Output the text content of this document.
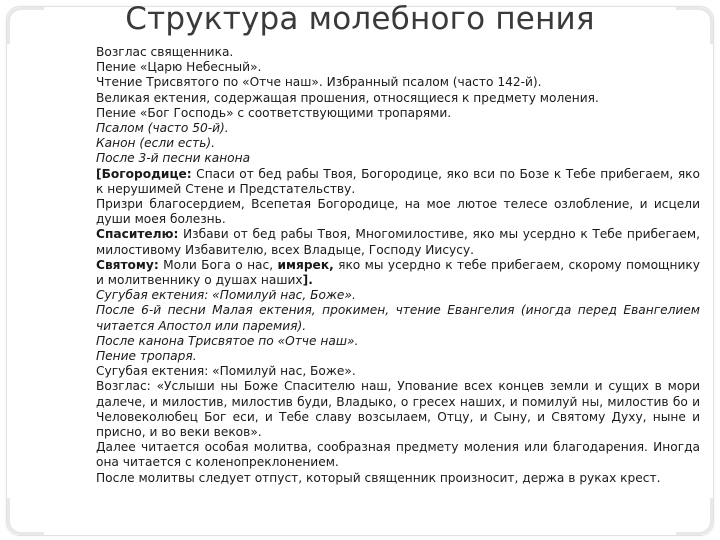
Структура молебного пения

Возглас священника.

Пение «Царю Небесный».

Чтение Трисвятого по «Отче наш». Избранный псалом (часто 142-й).

Великая ектения, содержащая прошения, относящиеся к предмету моления.

Пение «Бог Господь» с соответствующими тропарями.

Псалом (часто 50-й).

Канон (если есть).

После 3-й песни канона

[Богородице: Спаси от бед рабы Твоя, Богородице, яко вси по Бозе к Тебе прибегаем, яко к нерушимей Стене и Предстательству.

Призри благосердием, Всепетая Богородице, на мое лютое телесе озлобление, и исцели души моея болезнь.

Спасителю: Избави от бед рабы Твоя, Многомилостиве, яко мы усердно к Тебе прибегаем, милостивому Избавителю, всех Владыце, Господу Иисусу.

Святому: Моли Бога о нас, имярек, яко мы усердно к тебе прибегаем, скорому помощнику и молитвеннику о душах наших].

Сугубая ектения: «Помилуй нас, Боже».

После 6-й песни Малая ектения, прокимен, чтение Евангелия (иногда перед Евангелием читается Апостол или паремия).

После канона Трисвятое по «Отче наш».

Пение тропаря.

Сугубая ектения: «Помилуй нас, Боже».

Возглас: «Услыши ны Боже Спасителю наш, Упование всех концев земли и сущих в мори далече, и милостив, милостив буди, Владыко, о гресех наших, и помилуй ны, милостив бо и Человеколюбец Бог еси, и Тебе славу возсылаем, Отцу, и Сыну, и Святому Духу, ныне и присно, и во веки веков».

Далее читается особая молитва, сообразная предмету моления или благодарения. Иногда она читается с коленопреклонением.

После молитвы следует отпуст, который священник произносит, держа в руках крест.
